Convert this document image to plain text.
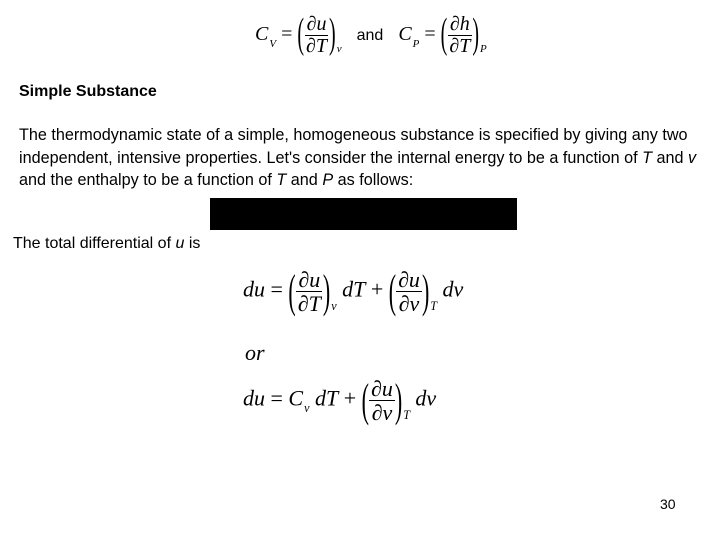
$C_V$ = ( $\frac{\partial u}{\partial T} )_v$ and $C_P$ = ( $\frac{\partial h}{\partial T} )_P$
Simple Substance
The thermodynamic state of a simple, homogeneous substance is specified by giving any two independent, intensive properties. Let's consider the internal energy to be a function of T and v and the enthalpy to be a function of T and P as follows:
The total differential of u is
du = ( $\frac{\partial u}{\partial T} )_v$ dT + ( $\frac{\partial u}{\partial v} )_T$ dv
or
du = $C_v$ dT + ( $\frac{\partial u}{\partial v} )_T$ dv
30
